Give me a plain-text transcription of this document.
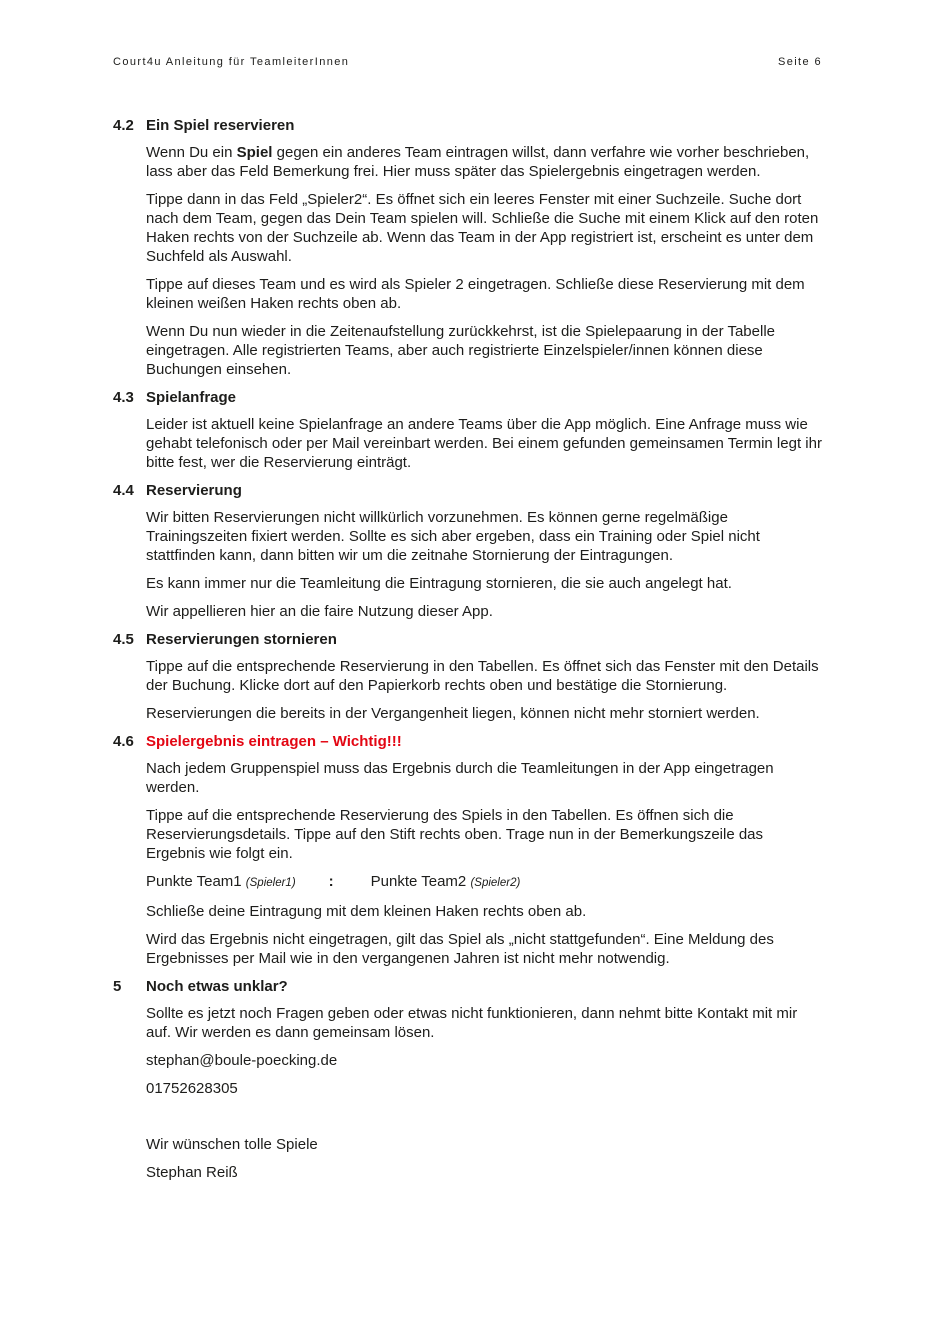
Court4u Anleitung für TeamleiterInnen	Seite 6
4.2 Ein Spiel reservieren

Wenn Du ein Spiel gegen ein anderes Team eintragen willst, dann verfahre wie vorher beschrieben, lass aber das Feld Bemerkung frei. Hier muss später das Spielergebnis eingetragen werden.

Tippe dann in das Feld „Spieler2“. Es öffnet sich ein leeres Fenster mit einer Suchzeile. Suche dort nach dem Team, gegen das Dein Team spielen will. Schließe die Suche mit einem Klick auf den roten Haken rechts von der Suchzeile ab. Wenn das Team in der App registriert ist, erscheint es unter dem Suchfeld als Auswahl.

Tippe auf dieses Team und es wird als Spieler 2 eingetragen. Schließe diese Reservierung mit dem kleinen weißen Haken rechts oben ab.

Wenn Du nun wieder in die Zeitenaufstellung zurückkehrst, ist die Spielepaarung in der Tabelle eingetragen. Alle registrierten Teams, aber auch registrierte Einzelspieler/innen können diese Buchungen einsehen.

4.3 Spielanfrage

Leider ist aktuell keine Spielanfrage an andere Teams über die App möglich. Eine Anfrage muss wie gehabt telefonisch oder per Mail vereinbart werden. Bei einem gefunden gemeinsamen Termin legt ihr bitte fest, wer die Reservierung einträgt.

4.4 Reservierung

Wir bitten Reservierungen nicht willkürlich vorzunehmen. Es können gerne regelmäßige Trainingszeiten fixiert werden. Sollte es sich aber ergeben, dass ein Training oder Spiel nicht stattfinden kann, dann bitten wir um die zeitnahe Stornierung der Eintragungen.

Es kann immer nur die Teamleitung die Eintragung stornieren, die sie auch angelegt hat.

Wir appellieren hier an die faire Nutzung dieser App.

4.5 Reservierungen stornieren

Tippe auf die entsprechende Reservierung in den Tabellen. Es öffnet sich das Fenster mit den Details der Buchung. Klicke dort auf den Papierkorb rechts oben und bestätige die Stornierung.

Reservierungen die bereits in der Vergangenheit liegen, können nicht mehr storniert werden.

4.6 Spielergebnis eintragen – Wichtig!!!

Nach jedem Gruppenspiel muss das Ergebnis durch die Teamleitungen in der App eingetragen werden.

Tippe auf die entsprechende Reservierung des Spiels in den Tabellen. Es öffnen sich die Reservierungsdetails. Tippe auf den Stift rechts oben. Trage nun in der Bemerkungszeile das Ergebnis wie folgt ein.

Punkte Team1 (Spieler1) : Punkte Team2 (Spieler2)

Schließe deine Eintragung mit dem kleinen Haken rechts oben ab.

Wird das Ergebnis nicht eingetragen, gilt das Spiel als „nicht stattgefunden“. Eine Meldung des Ergebnisses per Mail wie in den vergangenen Jahren ist nicht mehr notwendig.

5	Noch etwas unklar?

Sollte es jetzt noch Fragen geben oder etwas nicht funktionieren, dann nehmt bitte Kontakt mit mir auf. Wir werden es dann gemeinsam lösen.

stephan@boule-poecking.de

01752628305

Wir wünschen tolle Spiele

Stephan Reiß
